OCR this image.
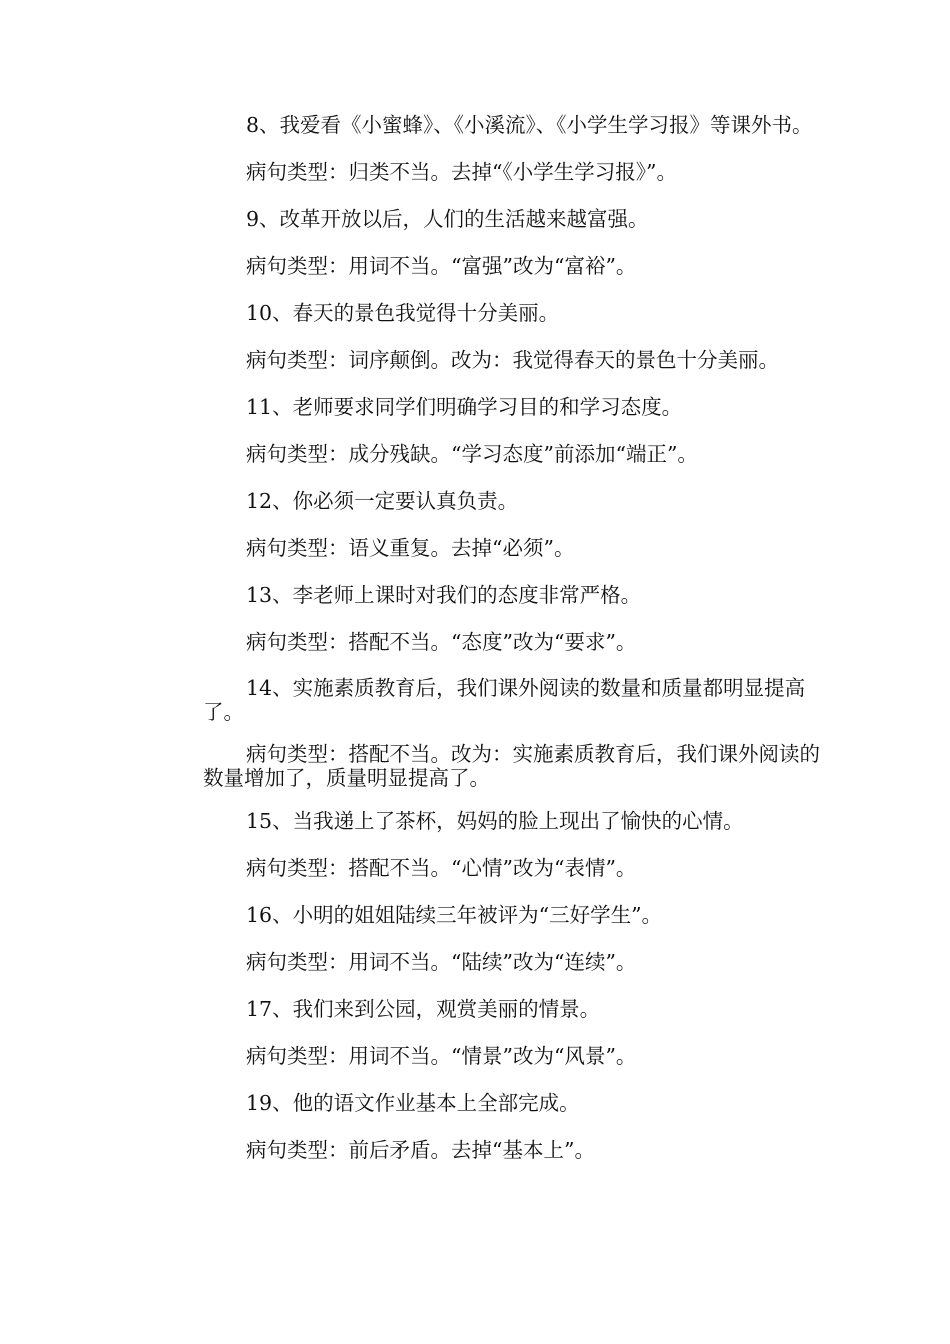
8、我爱看《小蜜蜂》、《小溪流》、《小学生学习报》等课外书。

病句类型：归类不当。去掉“《小学生学习报》”。

9、改革开放以后，人们的生活越来越富强。

病句类型：用词不当。“富强”改为“富裕”。

10、春天的景色我觉得十分美丽。

病句类型：词序颠倒。改为：我觉得春天的景色十分美丽。

11、老师要求同学们明确学习目的和学习态度。

病句类型：成分残缺。“学习态度”前添加“端正”。

12、你必须一定要认真负责。

病句类型：语义重复。去掉“必须”。

13、李老师上课时对我们的态度非常严格。

病句类型：搭配不当。“态度”改为“要求”。

14、实施素质教育后，我们课外阅读的数量和质量都明显提高了。

病句类型：搭配不当。改为：实施素质教育后，我们课外阅读的数量增加了，质量明显提高了。

15、当我递上了茶杯，妈妈的脸上现出了愉快的心情。

病句类型：搭配不当。“心情”改为“表情”。

16、小明的姐姐陆续三年被评为“三好学生”。

病句类型：用词不当。“陆续”改为“连续”。

17、我们来到公园，观赏美丽的情景。

病句类型：用词不当。“情景”改为“风景”。

19、他的语文作业基本上全部完成。

病句类型：前后矛盾。去掉“基本上”。
